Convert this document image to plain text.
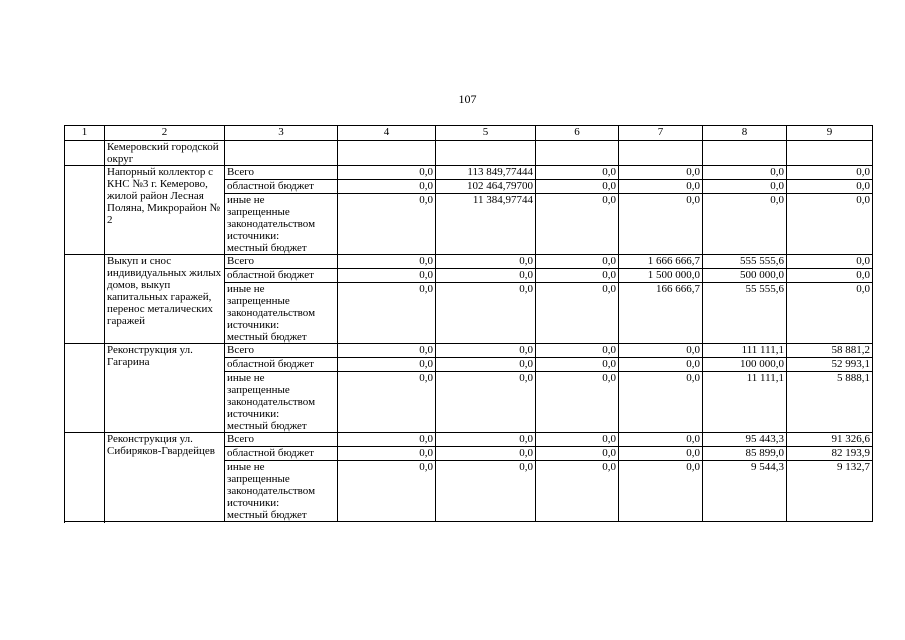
107
1	2	3	4	5	6	7	8	9
	Кемеровский городской округ							
	Напорный коллектор с КНС №3 г. Кемерово, жилой район Лесная Поляна, Микрорайон № 2	Всего	0,0	113 849,77444	0,0	0,0	0,0	0,0
		областной бюджет	0,0	102 464,79700	0,0	0,0	0,0	0,0

		иные не
запрещенные
законодательством
источники:
местный бюджет	0,0	11 384,97744	0,0	0,0	0,0	0,0

	Выкуп и снос индивидуальных жилых домов, выкуп капитальных гаражей, перенос металических гаражей	Всего	0,0	0,0	0,0	1 666 666,7	555 555,6	0,0
		областной бюджет	0,0	0,0	0,0	1 500 000,0	500 000,0	0,0

		иные не
запрещенные
законодательством
источники:
местный бюджет	0,0	0,0	0,0	166 666,7	55 555,6	0,0

	Реконструкция ул. Гагарина	Всего	0,0	0,0	0,0	0,0	111 111,1	58 881,2
		областной бюджет	0,0	0,0	0,0	0,0	100 000,0	52 993,1

		иные не
запрещенные
законодательством
источники:
местный бюджет	0,0	0,0	0,0	0,0	11 111,1	5 888,1

	Реконструкция ул. Сибиряков-Гвардейцев	Всего	0,0	0,0	0,0	0,0	95 443,3	91 326,6
		областной бюджет	0,0	0,0	0,0	0,0	85 899,0	82 193,9

		иные не
запрещенные
законодательством
источники:
местный бюджет	0,0	0,0	0,0	0,0	9 544,3	9 132,7
